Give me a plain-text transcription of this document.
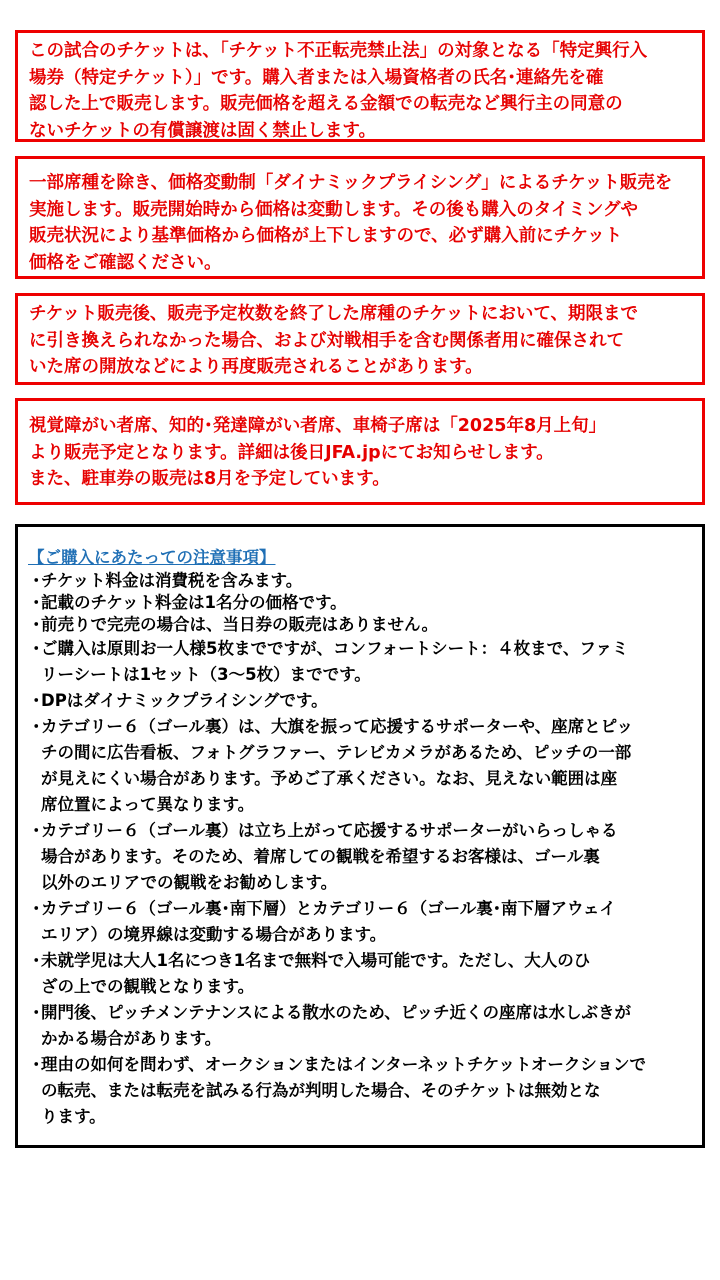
この試合のチケットは、「チケット不正転売禁止法」の対象となる「特定興行入
場券（特定チケット）」です。購入者または入場資格者の氏名･連絡先を確
認した上で販売します。販売価格を超える金額での転売など興行主の同意の
ないチケットの有償譲渡は固く禁止します。
一部席種を除き、価格変動制「ダイナミックプライシング」によるチケット販売を
実施します。販売開始時から価格は変動します。その後も購入のタイミングや
販売状況により基準価格から価格が上下しますので、必ず購入前にチケット
価格をご確認ください。
チケット販売後、販売予定枚数を終了した席種のチケットにおいて、期限まで
に引き換えられなかった場合、および対戦相手を含む関係者用に確保されて
いた席の開放などにより再度販売されることがあります。
視覚障がい者席、知的･発達障がい者席、車椅子席は「2025年8月上旬」
より販売予定となります。詳細は後日JFA.jpにてお知らせします。
また、駐車券の販売は8月を予定しています。
【ご購入にあたっての注意事項】
・
チケット料金は消費税を含みます。
・
記載のチケット料金は1名分の価格です。
・
前売りで完売の場合は、当日券の販売はありません。
・
ご購入は原則お一人様5枚までですが、コンフォートシート：４枚まで、ファミ
リーシートは1セット（3～5枚）までです。
・
DPはダイナミックプライシングです。
・
カテゴリー６（ゴール裏）は、大旗を振って応援するサポーターや、座席とピッ
チの間に広告看板、フォトグラファー、テレビカメラがあるため、ピッチの一部
が見えにくい場合があります。予めご了承ください。なお、見えない範囲は座
席位置によって異なります。
・
カテゴリー６（ゴール裏）は立ち上がって応援するサポーターがいらっしゃる
場合があります。そのため、着席しての観戦を希望するお客様は、ゴール裏
以外のエリアでの観戦をお勧めします。
・
カテゴリー６（ゴール裏･南下層）とカテゴリー６（ゴール裏･南下層アウェイ
エリア）の境界線は変動する場合があります。
・
未就学児は大人1名につき1名まで無料で入場可能です。ただし、大人のひ
ざの上での観戦となります。
・
開門後、ピッチメンテナンスによる散水のため、ピッチ近くの座席は水しぶきが
かかる場合があります。
・
理由の如何を問わず、オークションまたはインターネットチケットオークションで
の転売、または転売を試みる行為が判明した場合、そのチケットは無効とな
ります。
